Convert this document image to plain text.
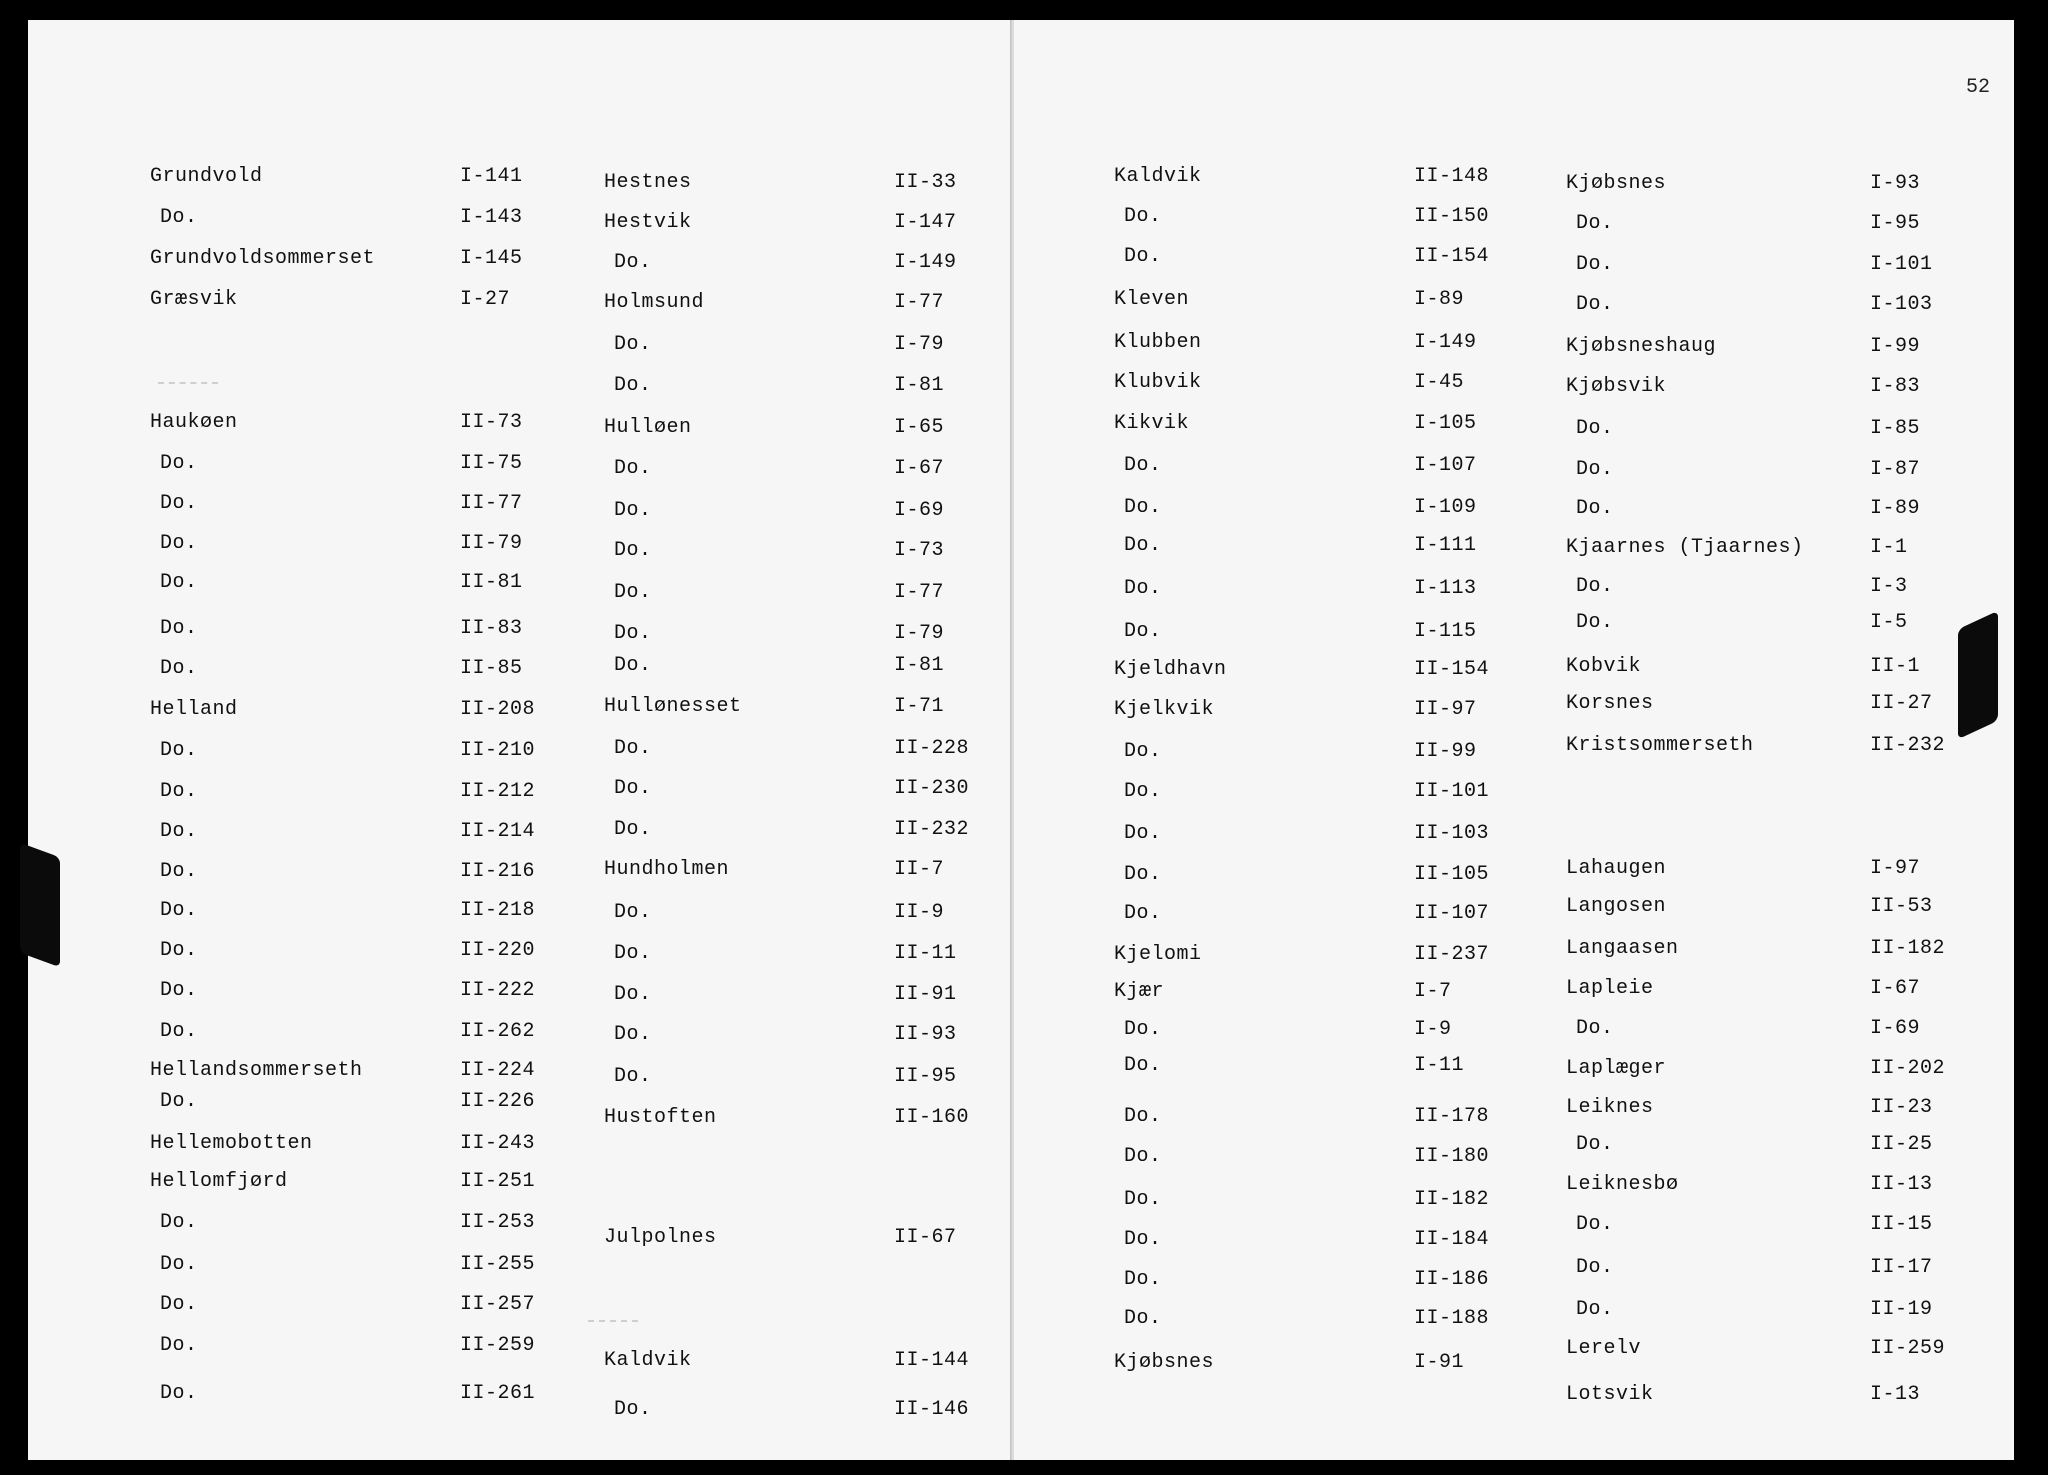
52
Grundvold	I-141
Do.	I-143
Grundvoldsommerset	I-145
Græsvik	I-27
Haukøen	II-73
Do.	II-75
Do.	II-77
Do.	II-79
Do.	II-81
Do.	II-83
Do.	II-85
Helland	II-208
Do.	II-210
Do.	II-212
Do.	II-214
Do.	II-216
Do.	II-218
Do.	II-220
Do.	II-222
Do.	II-262
Hellandsommerseth	II-224
Do.	II-226
Hellemobotten	II-243
Hellomfjørd	II-251
Do.	II-253
Do.	II-255
Do.	II-257
Do.	II-259
Do.	II-261
Hestnes	II-33
Hestvik	I-147
Do.	I-149
Holmsund	I-77
Do.	I-79
Do.	I-81
Hulløen	I-65
Do.	I-67
Do.	I-69
Do.	I-73
Do.	I-77
Do.	I-79
Do.	I-81
Hullønesset	I-71
Do.	II-228
Do.	II-230
Do.	II-232
Hundholmen	II-7
Do.	II-9
Do.	II-11
Do.	II-91
Do.	II-93
Do.	II-95
Hustoften	II-160
Julpolnes	II-67
Kaldvik	II-144
Do.	II-146
Kaldvik	II-148
Do.	II-150
Do.	II-154
Kleven	I-89
Klubben	I-149
Klubvik	I-45
Kikvik	I-105
Do.	I-107
Do.	I-109
Do.	I-111
Do.	I-113
Do.	I-115
Kjeldhavn	II-154
Kjelkvik	II-97
Do.	II-99
Do.	II-101
Do.	II-103
Do.	II-105
Do.	II-107
Kjelomi	II-237
Kjær	I-7
Do.	I-9
Do.	I-11
Do.	II-178
Do.	II-180
Do.	II-182
Do.	II-184
Do.	II-186
Do.	II-188
Kjøbsnes	I-91
Kjøbsnes	I-93
Do.	I-95
Do.	I-101
Do.	I-103
Kjøbsneshaug	I-99
Kjøbsvik	I-83
Do.	I-85
Do.	I-87
Do.	I-89
Kjaarnes (Tjaarnes)	I-1
Do.	I-3
Do.	I-5
Kobvik	II-1
Korsnes	II-27
Kristsommerseth	II-232
Lahaugen	I-97
Langosen	II-53
Langaasen	II-182
Lapleie	I-67
Do.	I-69
Laplæger	II-202
Leiknes	II-23
Do.	II-25
Leiknesbø	II-13
Do.	II-15
Do.	II-17
Do.	II-19
Lerelv	II-259
Lotsvik	I-13
